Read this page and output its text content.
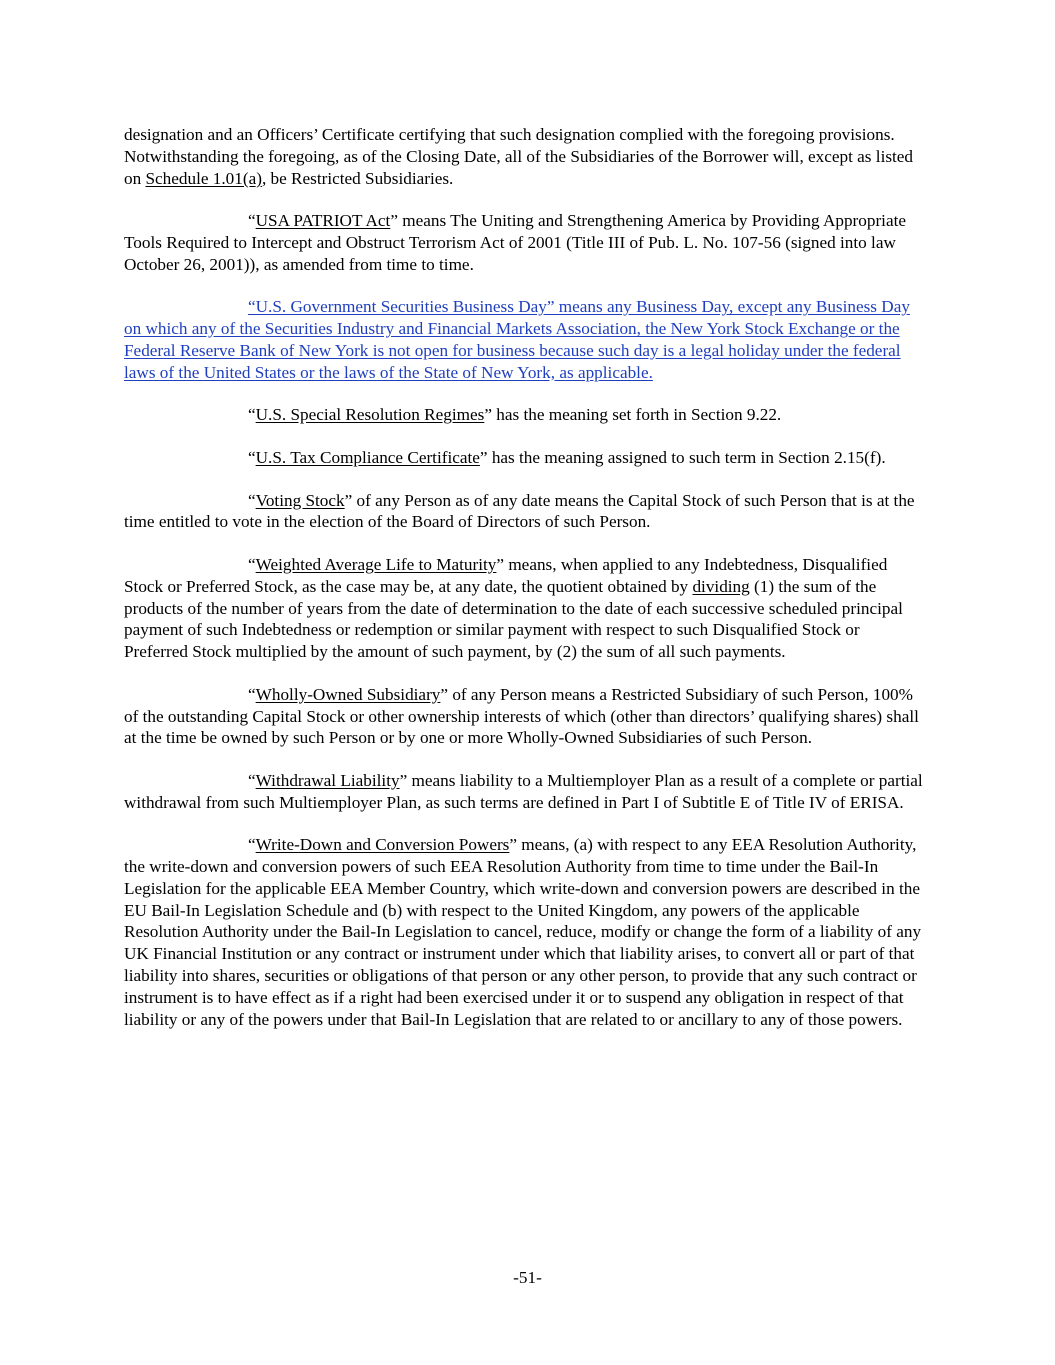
designation and an Officers’ Certificate certifying that such designation complied with the foregoing provisions. Notwithstanding the foregoing, as of the Closing Date, all of the Subsidiaries of the Borrower will, except as listed on Schedule 1.01(a), be Restricted Subsidiaries.

“USA PATRIOT Act” means The Uniting and Strengthening America by Providing Appropriate Tools Required to Intercept and Obstruct Terrorism Act of 2001 (Title III of Pub. L. No. 107-56 (signed into law October 26, 2001)), as amended from time to time.

“U.S. Government Securities Business Day” means any Business Day, except any Business Day on which any of the Securities Industry and Financial Markets Association, the New York Stock Exchange or the Federal Reserve Bank of New York is not open for business because such day is a legal holiday under the federal laws of the United States or the laws of the State of New York, as applicable.

“U.S. Special Resolution Regimes” has the meaning set forth in Section 9.22.

“U.S. Tax Compliance Certificate” has the meaning assigned to such term in Section 2.15(f).

“Voting Stock” of any Person as of any date means the Capital Stock of such Person that is at the time entitled to vote in the election of the Board of Directors of such Person.

“Weighted Average Life to Maturity” means, when applied to any Indebtedness, Disqualified Stock or Preferred Stock, as the case may be, at any date, the quotient obtained by dividing (1) the sum of the products of the number of years from the date of determination to the date of each successive scheduled principal payment of such Indebtedness or redemption or similar payment with respect to such Disqualified Stock or Preferred Stock multiplied by the amount of such payment, by (2) the sum of all such payments.

“Wholly-Owned Subsidiary” of any Person means a Restricted Subsidiary of such Person, 100% of the outstanding Capital Stock or other ownership interests of which (other than directors’ qualifying shares) shall at the time be owned by such Person or by one or more Wholly-Owned Subsidiaries of such Person.

“Withdrawal Liability” means liability to a Multiemployer Plan as a result of a complete or partial withdrawal from such Multiemployer Plan, as such terms are defined in Part I of Subtitle E of Title IV of ERISA.

“Write-Down and Conversion Powers” means, (a) with respect to any EEA Resolution Authority, the write-down and conversion powers of such EEA Resolution Authority from time to time under the Bail-In Legislation for the applicable EEA Member Country, which write-down and conversion powers are described in the EU Bail-In Legislation Schedule and (b) with respect to the United Kingdom, any powers of the applicable Resolution Authority under the Bail-In Legislation to cancel, reduce, modify or change the form of a liability of any UK Financial Institution or any contract or instrument under which that liability arises, to convert all or part of that liability into shares, securities or obligations of that person or any other person, to provide that any such contract or instrument is to have effect as if a right had been exercised under it or to suspend any obligation in respect of that liability or any of the powers under that Bail-In Legislation that are related to or ancillary to any of those powers.

-51-
